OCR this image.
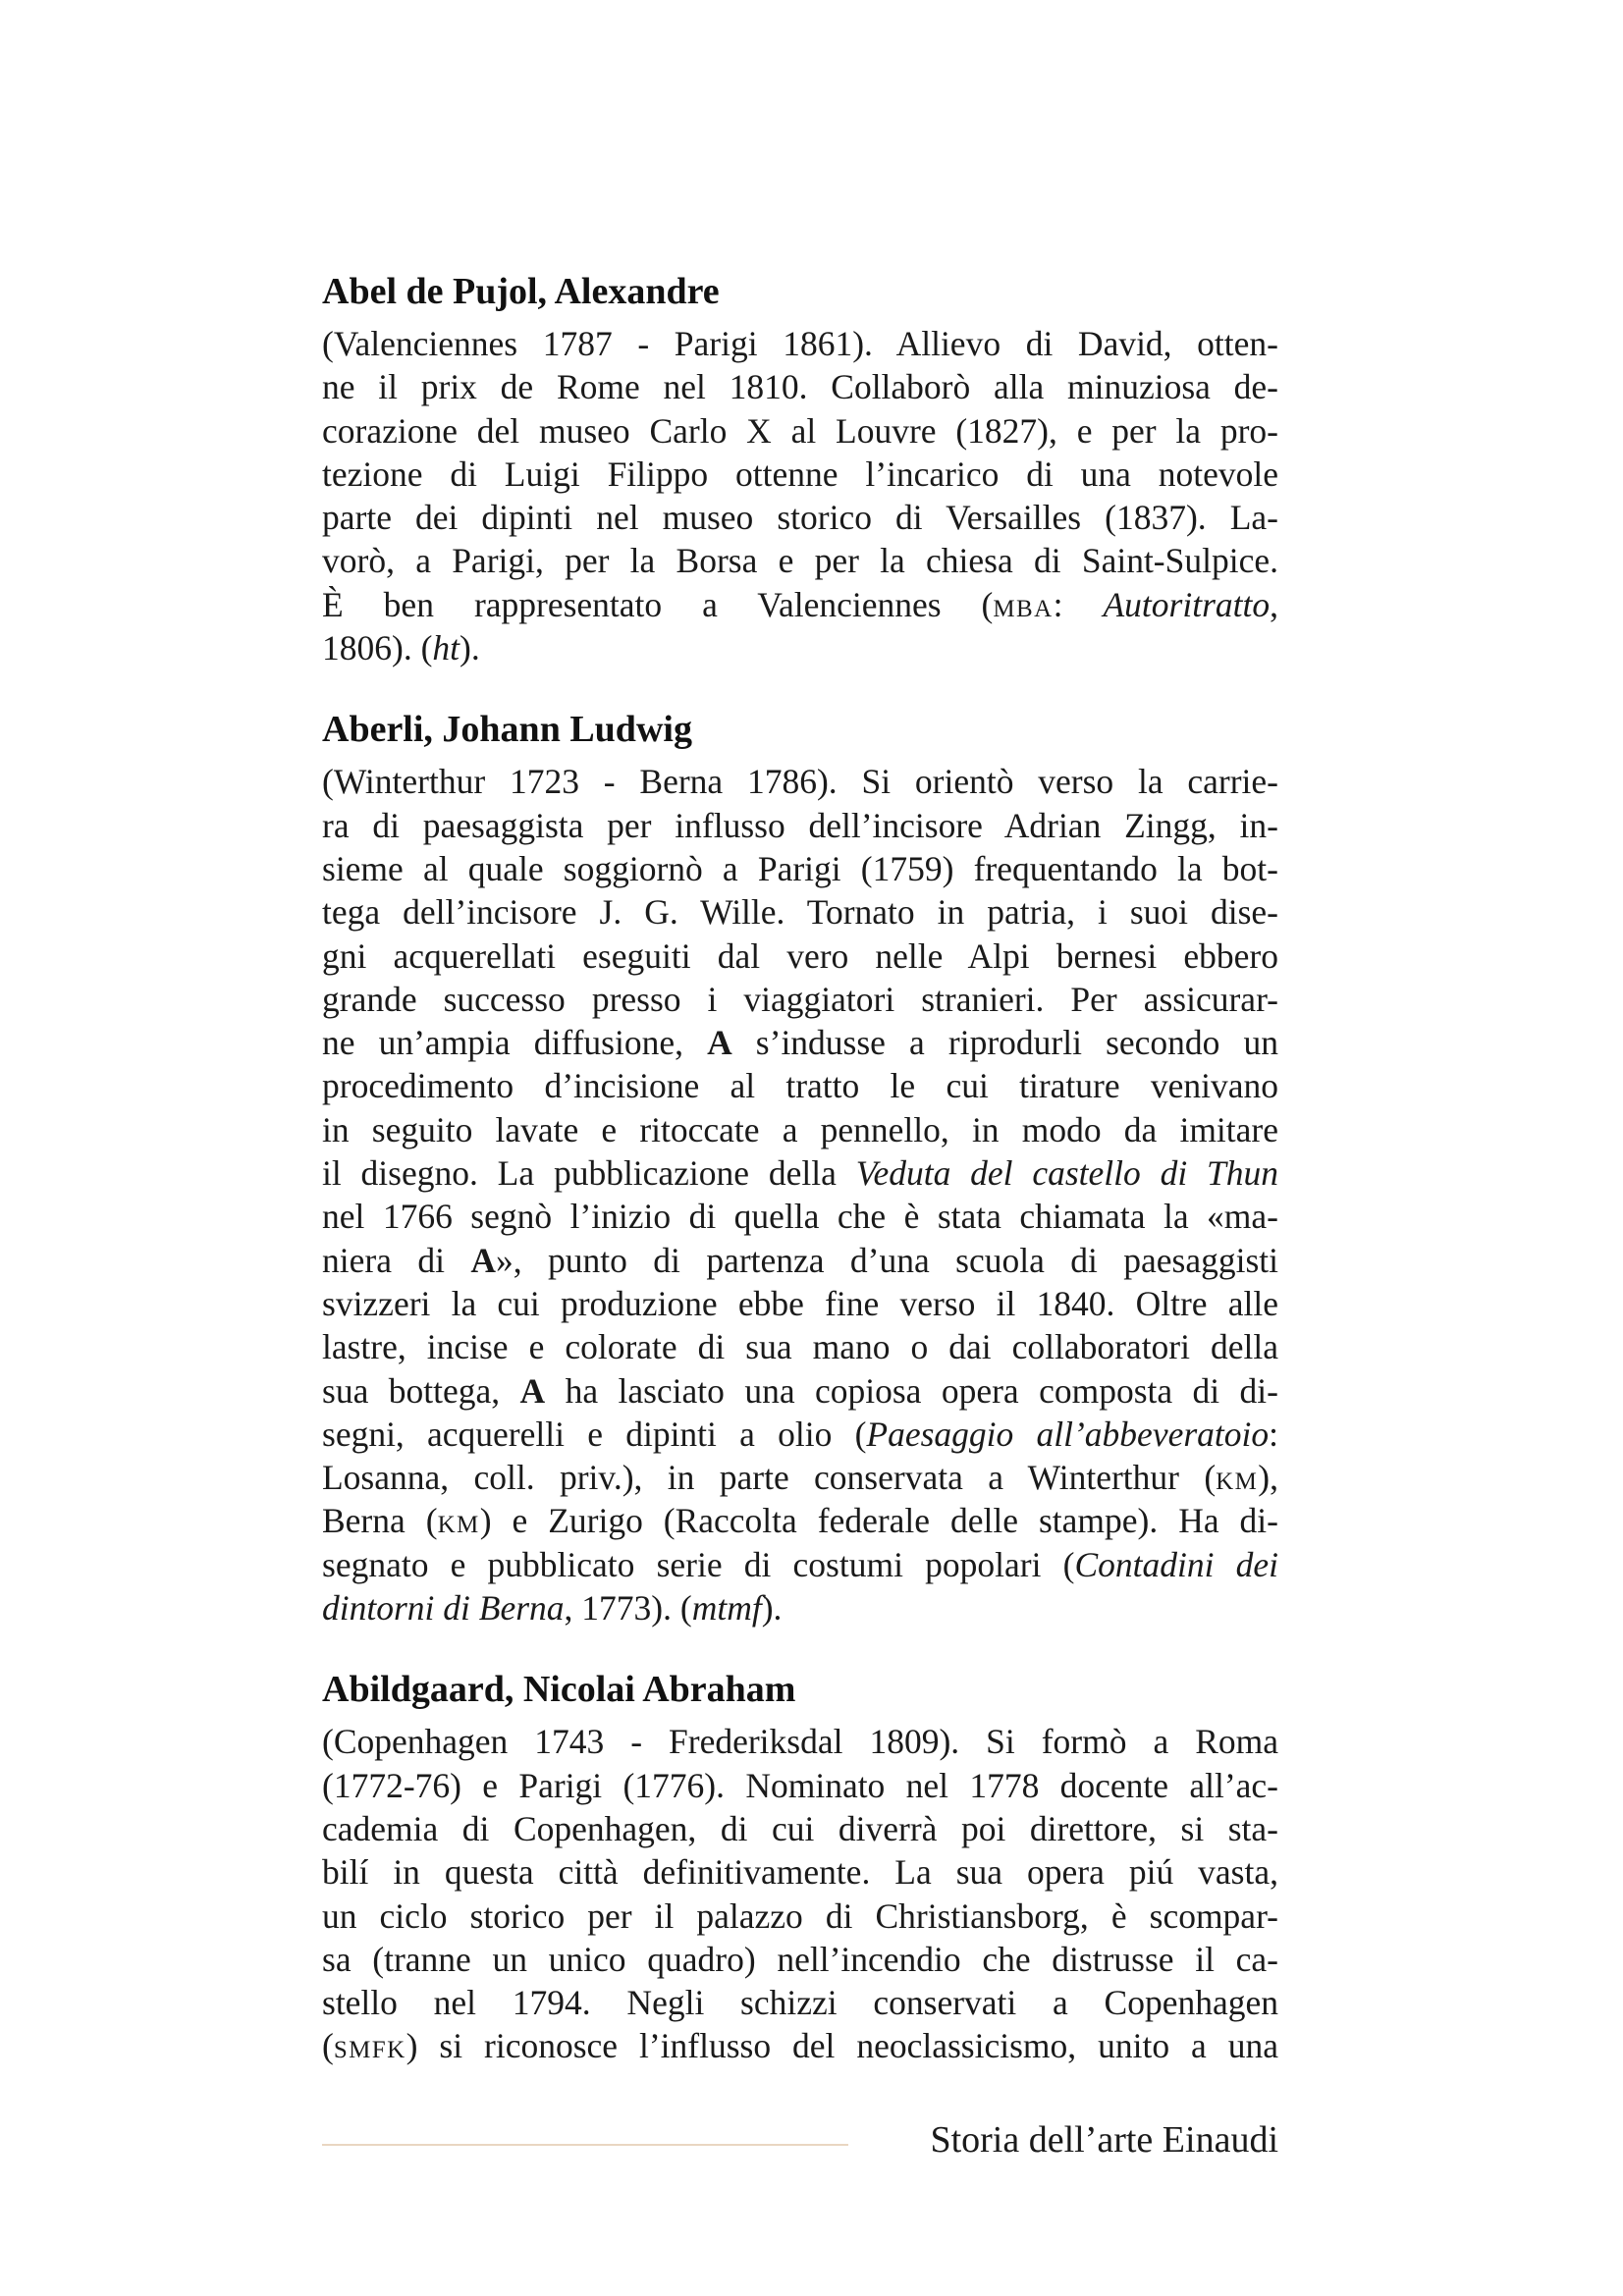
Abel de Pujol, Alexandre
(Valenciennes 1787 - Parigi 1861). Allievo di David, otten-
ne il prix de Rome nel 1810. Collaborò alla minuziosa de-
corazione del museo Carlo X al Louvre (1827), e per la pro-
tezione di Luigi Filippo ottenne l’incarico di una notevole
parte dei dipinti nel museo storico di Versailles (1837). La-
vorò, a Parigi, per la Borsa e per la chiesa di Saint-Sulpice.
È ben rappresentato a Valenciennes (mba: Autoritratto,
1806). (ht).
Aberli, Johann Ludwig
(Winterthur 1723 - Berna 1786). Si orientò verso la carrie-
ra di paesaggista per influsso dell’incisore Adrian Zingg, in-
sieme al quale soggiornò a Parigi (1759) frequentando la bot-
tega dell’incisore J. G. Wille. Tornato in patria, i suoi dise-
gni acquerellati eseguiti dal vero nelle Alpi bernesi ebbero
grande successo presso i viaggiatori stranieri. Per assicurar-
ne un’ampia diffusione, A s’indusse a riprodurli secondo un
procedimento d’incisione al tratto le cui tirature venivano
in seguito lavate e ritoccate a pennello, in modo da imitare
il disegno. La pubblicazione della Veduta del castello di Thun
nel 1766 segnò l’inizio di quella che è stata chiamata la «ma-
niera di A», punto di partenza d’una scuola di paesaggisti
svizzeri la cui produzione ebbe fine verso il 1840. Oltre alle
lastre, incise e colorate di sua mano o dai collaboratori della
sua bottega, A ha lasciato una copiosa opera composta di di-
segni, acquerelli e dipinti a olio (Paesaggio all’abbeveratoio:
Losanna, coll. priv.), in parte conservata a Winterthur (km),
Berna (km) e Zurigo (Raccolta federale delle stampe). Ha di-
segnato e pubblicato serie di costumi popolari (Contadini dei
dintorni di Berna, 1773). (mtmf).
Abildgaard, Nicolai Abraham
(Copenhagen 1743 - Frederiksdal 1809). Si formò a Roma
(1772-76) e Parigi (1776). Nominato nel 1778 docente all’ac-
cademia di Copenhagen, di cui diverrà poi direttore, si sta-
bilí in questa città definitivamente. La sua opera piú vasta,
un ciclo storico per il palazzo di Christiansborg, è scompar-
sa (tranne un unico quadro) nell’incendio che distrusse il ca-
stello nel 1794. Negli schizzi conservati a Copenhagen
(smfk) si riconosce l’influsso del neoclassicismo, unito a una
Storia dell’arte Einaudi
